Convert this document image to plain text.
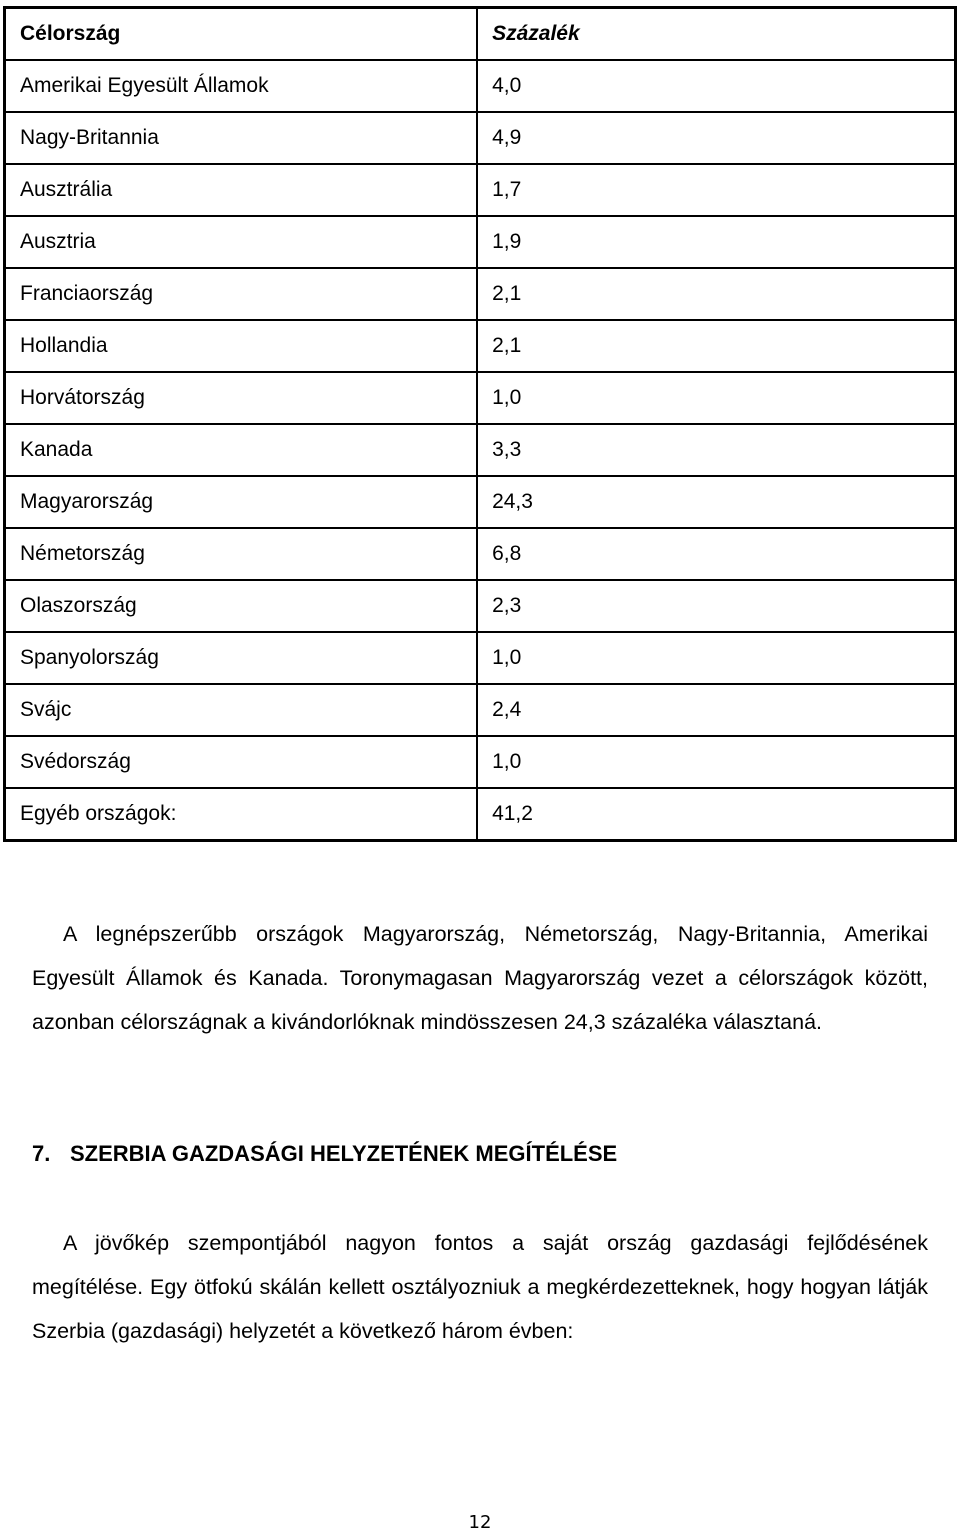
Célország	Százalék
Amerikai Egyesült Államok	4,0
Nagy-Britannia	4,9
Ausztrália	1,7
Ausztria	1,9
Franciaország	2,1
Hollandia	2,1
Horvátország	1,0
Kanada	3,3
Magyarország	24,3
Németország	6,8
Olaszország	2,3
Spanyolország	1,0
Svájc	2,4
Svédország	1,0
Egyéb országok:	41,2

A legnépszerűbb országok Magyarország, Németország, Nagy-Britannia, Amerikai Egyesült Államok és Kanada. Toronymagasan Magyarország vezet a célországok között, azonban célországnak a kivándorlóknak mindösszesen 24,3 százaléka választaná.

7. SZERBIA GAZDASÁGI HELYZETÉNEK MEGÍTÉLÉSE

A jövőkép szempontjából nagyon fontos a saját ország gazdasági fejlődésének megítélése. Egy ötfokú skálán kellett osztályozniuk a megkérdezetteknek, hogy hogyan látják Szerbia (gazdasági) helyzetét a következő három évben:

12
